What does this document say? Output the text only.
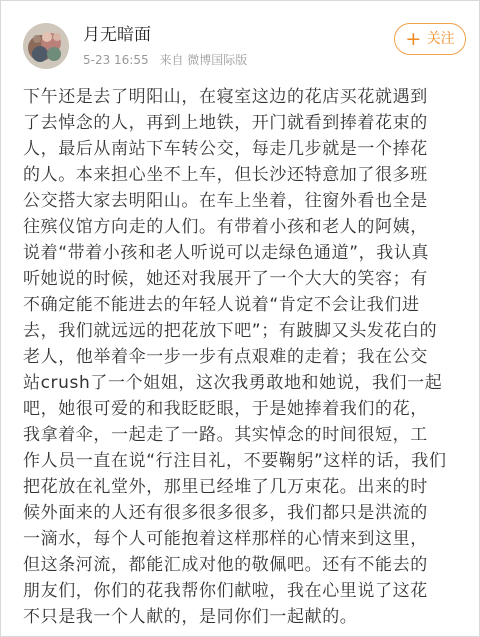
月无暗面
5-23 16:55 来自 微博国际版
+ 关注
下午还是去了明阳山，在寝室这边的花店买花就遇到
了去悼念的人，再到上地铁，开门就看到捧着花束的
人，最后从南站下车转公交，每走几步就是一个捧花
的人。本来担心坐不上车，但长沙还特意加了很多班
公交搭大家去明阳山。在车上坐着，往窗外看也全是
往殡仪馆方向走的人们。有带着小孩和老人的阿姨，
说着“带着小孩和老人听说可以走绿色通道”，我认真
听她说的时候，她还对我展开了一个大大的笑容；有
不确定能不能进去的年轻人说着“肯定不会让我们进
去，我们就远远的把花放下吧”；有跛脚又头发花白的
老人，他举着伞一步一步有点艰难的走着；我在公交
站crush了一个姐姐，这次我勇敢地和她说，我们一起
吧，她很可爱的和我眨眨眼，于是她捧着我们的花，
我拿着伞，一起走了一路。其实悼念的时间很短，工
作人员一直在说“行注目礼，不要鞠躬”这样的话，我们
把花放在礼堂外，那里已经堆了几万束花。出来的时
候外面来的人还有很多很多很多，我们都只是洪流的
一滴水，每个人可能抱着这样那样的心情来到这里，
但这条河流，都能汇成对他的敬佩吧。还有不能去的
朋友们，你们的花我帮你们献啦，我在心里说了这花
不只是我一个人献的，是同你们一起献的。
